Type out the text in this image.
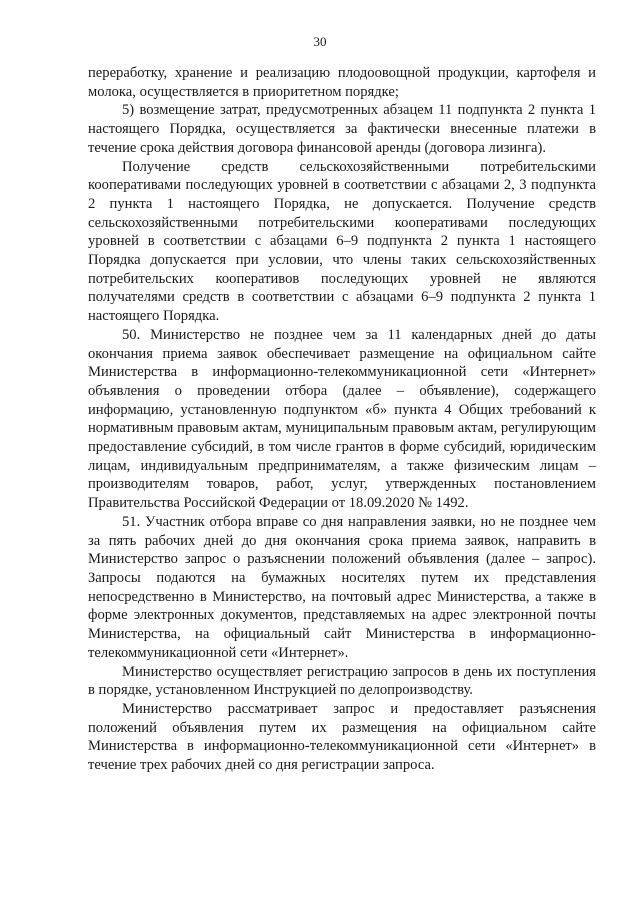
30

переработку, хранение и реализацию плодоовощной продукции, картофеля и молока, осуществляется в приоритетном порядке;

5) возмещение затрат, предусмотренных абзацем 11 подпункта 2 пункта 1 настоящего Порядка, осуществляется за фактически внесенные платежи в течение срока действия договора финансовой аренды (договора лизинга).

Получение средств сельскохозяйственными потребительскими кооперативами последующих уровней в соответствии с абзацами 2, 3 подпункта 2 пункта 1 настоящего Порядка, не допускается. Получение средств сельскохозяйственными потребительскими кооперативами последующих уровней в соответствии с абзацами 6–9 подпункта 2 пункта 1 настоящего Порядка допускается при условии, что члены таких сельскохозяйственных потребительских кооперативов последующих уровней не являются получателями средств в соответствии с абзацами 6–9 подпункта 2 пункта 1 настоящего Порядка.

50. Министерство не позднее чем за 11 календарных дней до даты окончания приема заявок обеспечивает размещение на официальном сайте Министерства в информационно-телекоммуникационной сети «Интернет» объявления о проведении отбора (далее – объявление), содержащего информацию, установленную подпунктом «б» пункта 4 Общих требований к нормативным правовым актам, муниципальным правовым актам, регулирующим предоставление субсидий, в том числе грантов в форме субсидий, юридическим лицам, индивидуальным предпринимателям, а также физическим лицам – производителям товаров, работ, услуг, утвержденных постановлением Правительства Российской Федерации от 18.09.2020 № 1492.

51. Участник отбора вправе со дня направления заявки, но не позднее чем за пять рабочих дней до дня окончания срока приема заявок, направить в Министерство запрос о разъяснении положений объявления (далее – запрос). Запросы подаются на бумажных носителях путем их представления непосредственно в Министерство, на почтовый адрес Министерства, а также в форме электронных документов, представляемых на адрес электронной почты Министерства, на официальный сайт Министерства в информационно-телекоммуникационной сети «Интернет».

Министерство осуществляет регистрацию запросов в день их поступления в порядке, установленном Инструкцией по делопроизводству.

Министерство рассматривает запрос и предоставляет разъяснения положений объявления путем их размещения на официальном сайте Министерства в информационно-телекоммуникационной сети «Интернет» в течение трех рабочих дней со дня регистрации запроса.
